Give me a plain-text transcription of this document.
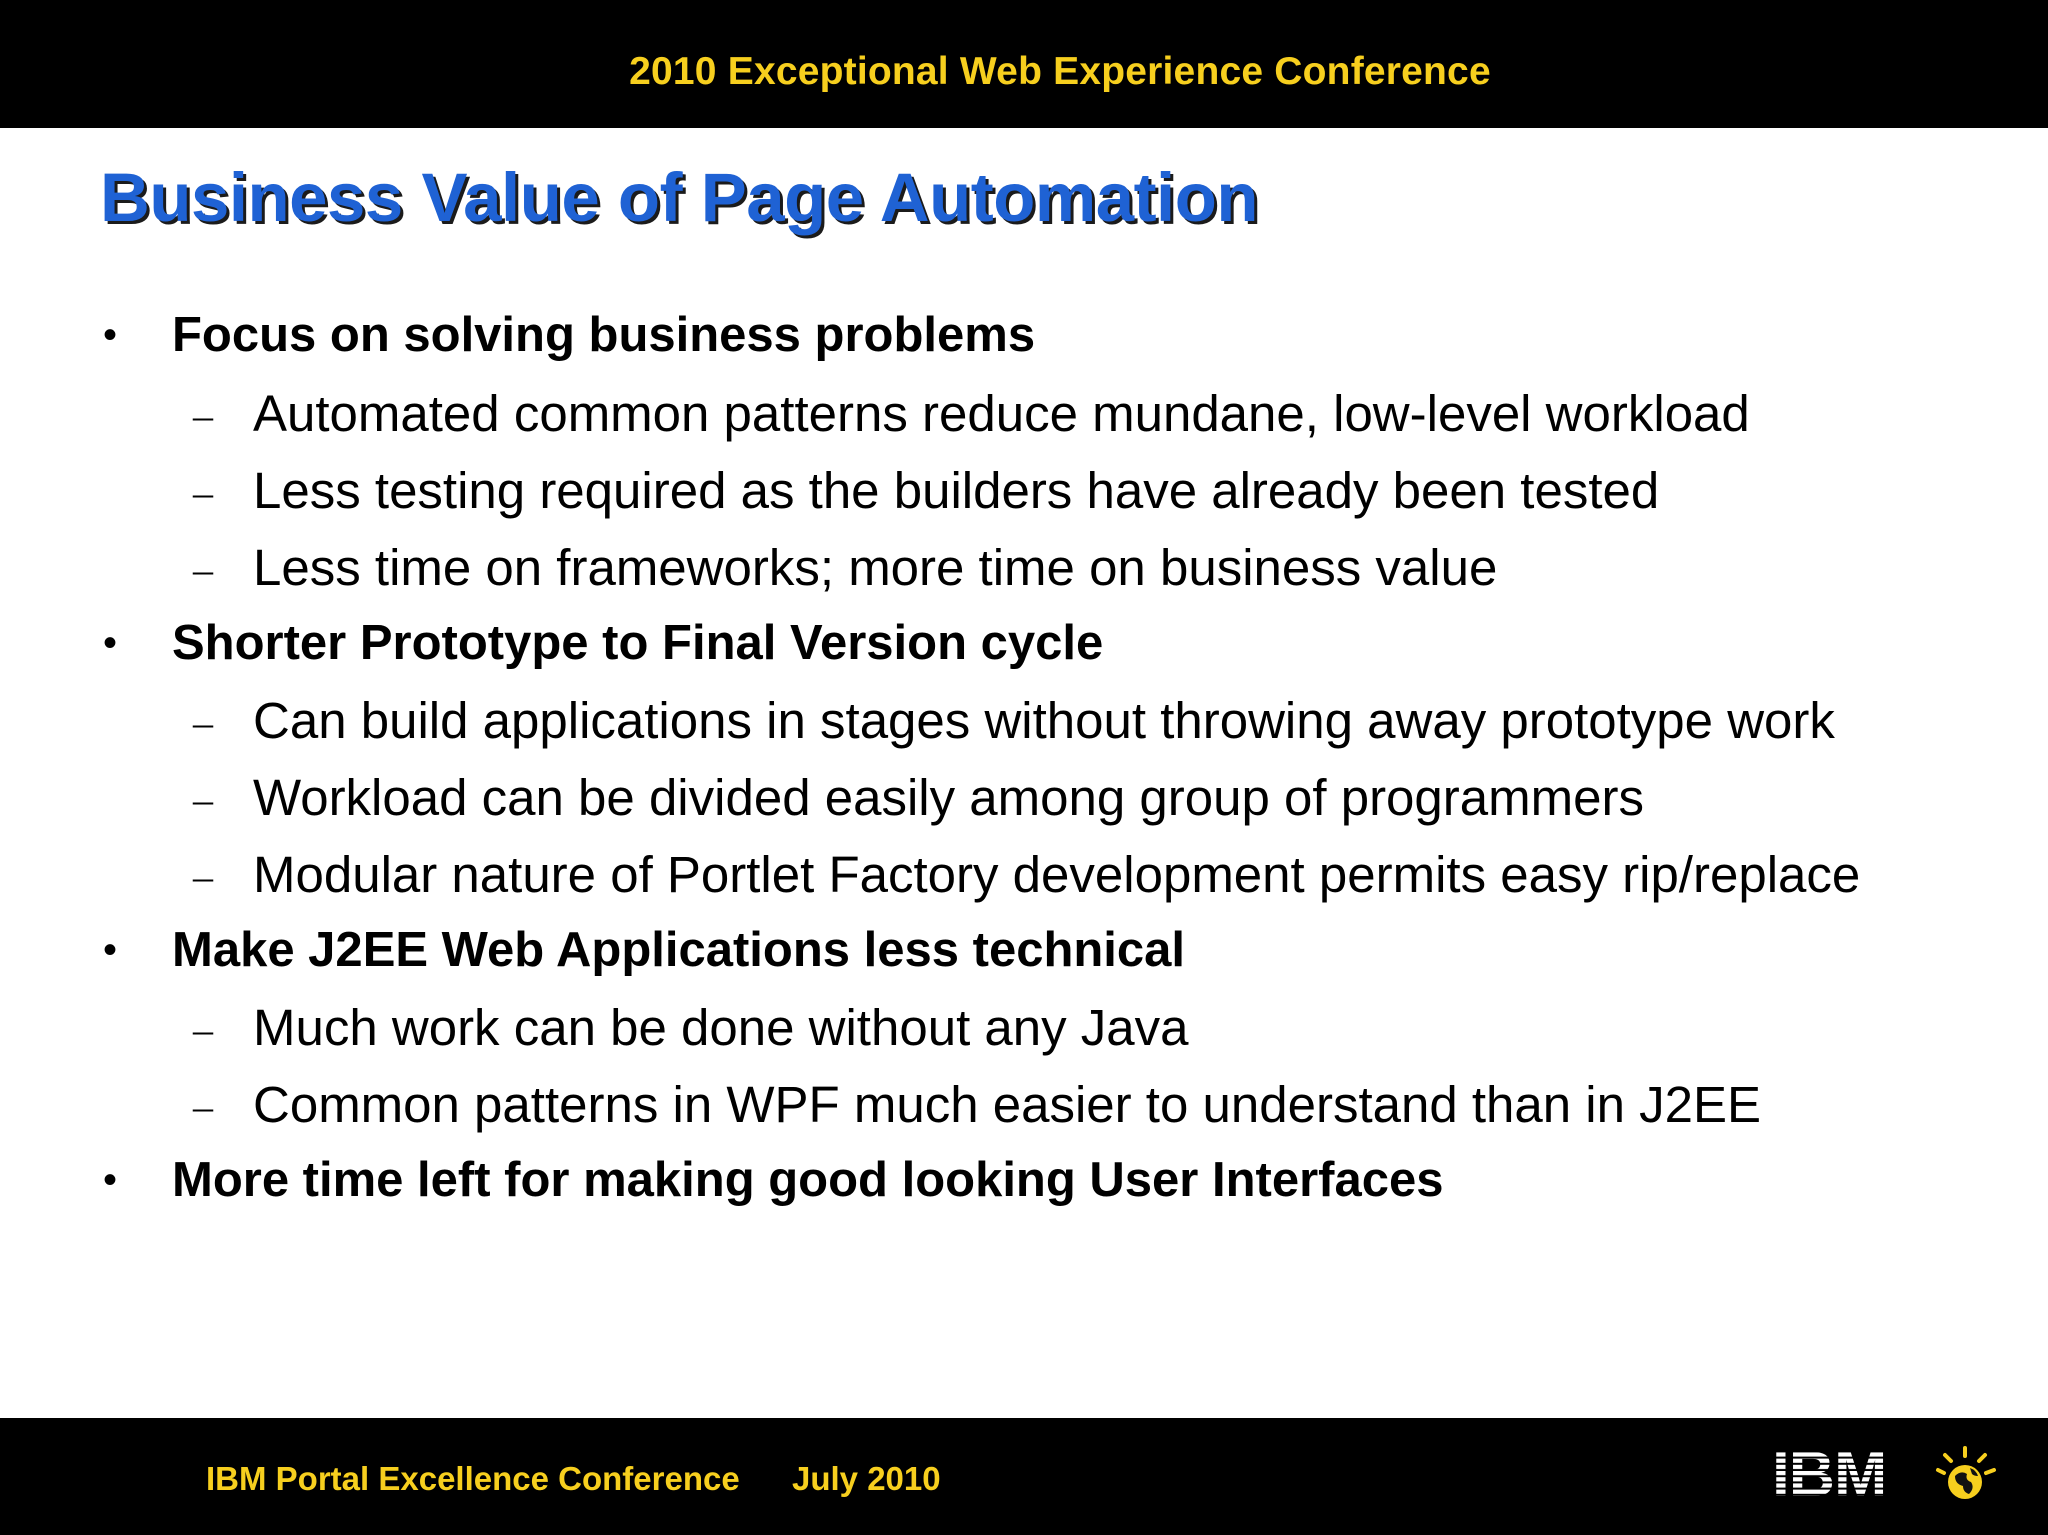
2010 Exceptional Web Experience Conference
Business Value of Page Automation
• Focus on solving business problems
– Automated common patterns reduce mundane, low-level workload
– Less testing required as the builders have already been tested
– Less time on frameworks; more time on business value
• Shorter Prototype to Final Version cycle
– Can build applications in stages without throwing away prototype work
– Workload can be divided easily among group of programmers
– Modular nature of Portlet Factory development permits easy rip/replace
• Make J2EE Web Applications less technical
– Much work can be done without any Java
– Common patterns in WPF much easier to understand than in J2EE
• More time left for making good looking User Interfaces
IBM Portal Excellence Conference July 2010	IBM
